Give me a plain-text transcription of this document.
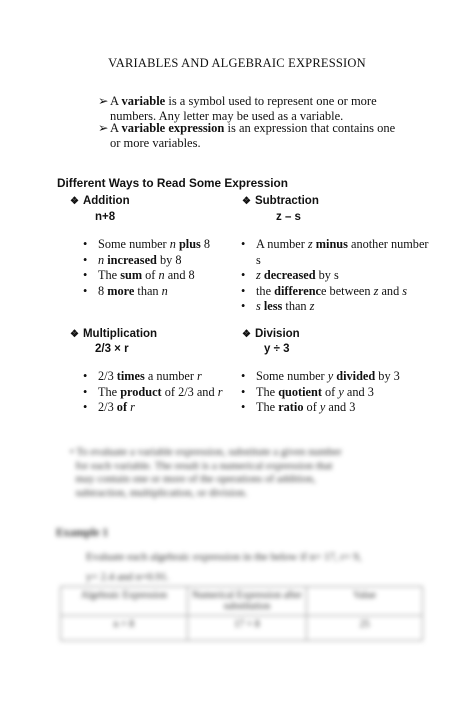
VARIABLES AND ALGEBRAIC EXPRESSION
➢ A variable is a symbol used to represent one or more
numbers. Any letter may be used as a variable.
➢ A variable expression is an expression that contains one
or more variables.
Different Ways to Read Some Expression
❖ Addition
n+8
• Some number n plus 8
• n increased by 8
• The sum of n and 8
• 8 more than n
❖ Subtraction
z – s
• A number z minus another number
s
• z decreased by s
• the difference between z and s
• s less than z
❖ Multiplication
2/3 × r
• 2/3 times a number r
• The product of 2/3 and r
• 2/3 of r
❖ Division
y ÷ 3
• Some number y divided by 3
• The quotient of y and 3
• The ratio of y and 3
• To evaluate a variable expression, substitute a given number
for each variable. The result is a numerical expression that
may contain one or more of the operations of addition,
subtraction, multiplication, or division.
Example 1
Evaluate each algebraic expression in the below if n= 17, r= 9,
y= 2.4 and n=0.91.
Algebraic Expression	Numerical Expression after substitution	Value
n + 8	17 + 8	25
